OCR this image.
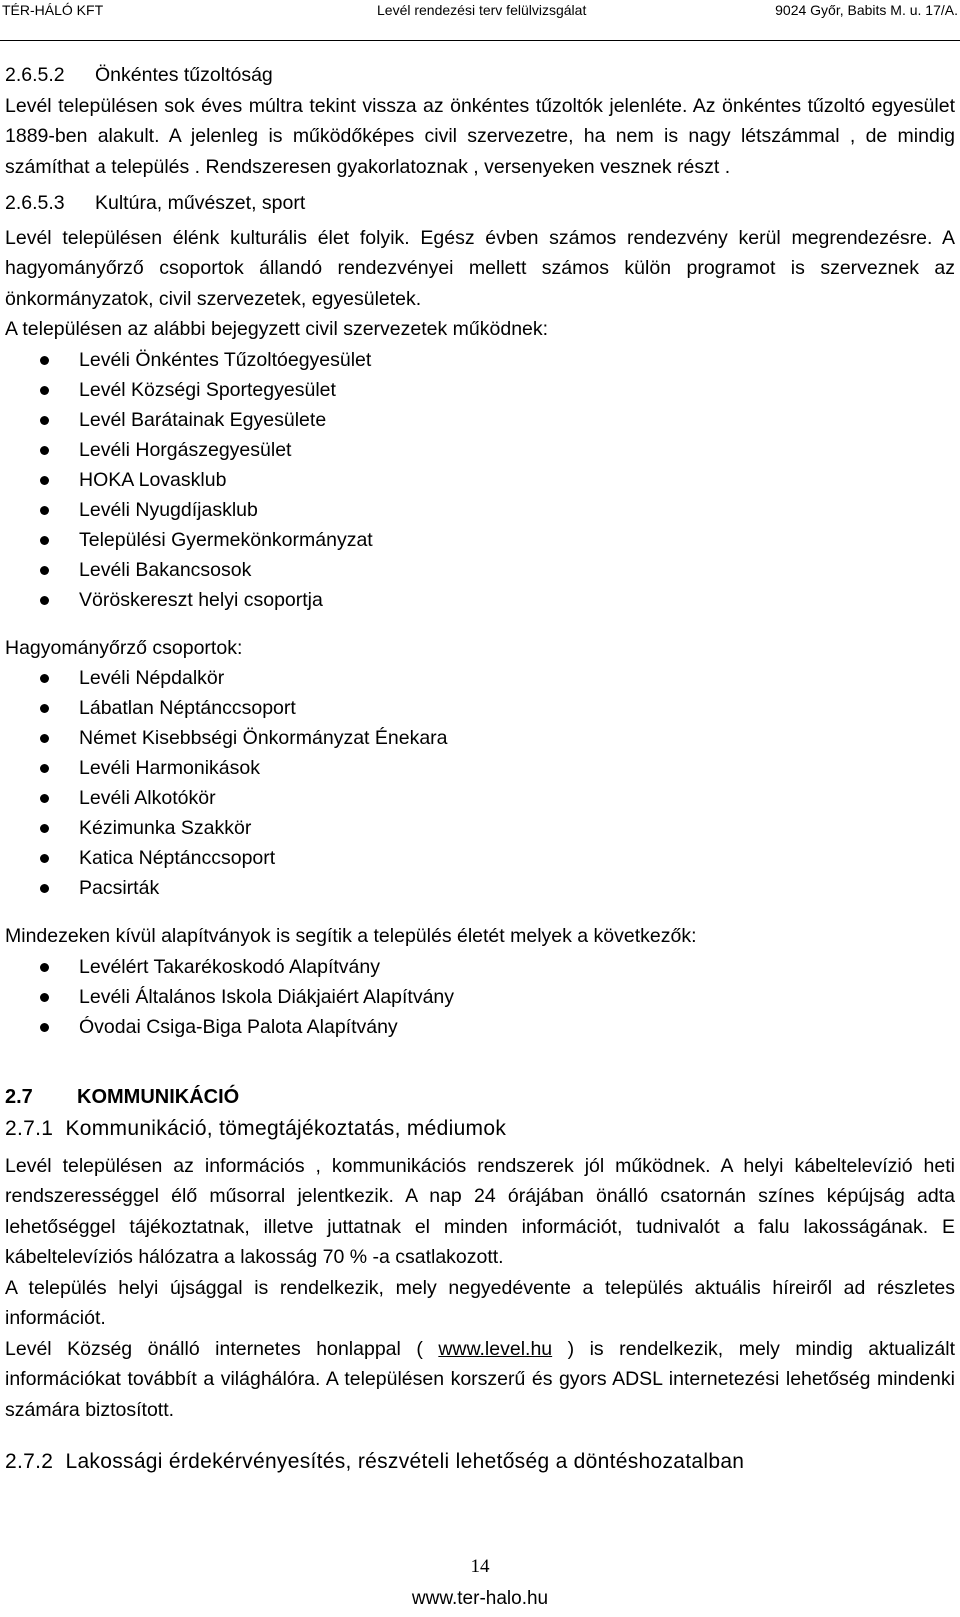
TÉR-HÁLÓ KFT	Levél rendezési terv felülvizsgálat	9024 Győr, Babits M. u. 17/A.
2.6.5.2	Önkéntes tűzoltóság

Levél településen sok éves múltra tekint vissza az önkéntes tűzoltók jelenléte. Az önkéntes tűzoltó egyesület 1889-ben alakult. A jelenleg is működőképes civil szervezetre, ha nem is nagy létszámmal , de mindig számíthat a település . Rendszeresen gyakorlatoznak , versenyeken vesznek részt .

2.6.5.3	Kultúra, művészet, sport

Levél településen élénk kulturális élet folyik. Egész évben számos rendezvény kerül megrendezésre. A hagyományőrző csoportok állandó rendezvényei mellett számos külön programot is szerveznek az önkormányzatok, civil szervezetek, egyesületek.

A településen az alábbi bejegyzett civil szervezetek működnek:

Levéli Önkéntes Tűzoltóegyesület
Levél Községi Sportegyesület
Levél Barátainak Egyesülete
Levéli Horgászegyesület
HOKA Lovasklub
Levéli Nyugdíjasklub
Települési Gyermekönkormányzat
Levéli Bakancsosok
Vöröskereszt helyi csoportja

Hagyományőrző csoportok:

Levéli Népdalkör
Lábatlan Néptánccsoport
Német Kisebbségi Önkormányzat Énekara
Levéli Harmonikások
Levéli Alkotókör
Kézimunka Szakkör
Katica Néptánccsoport
Pacsirták

Mindezeken kívül alapítványok is segítik a település életét melyek a következők:

Levélért Takarékoskodó Alapítvány
Levéli Általános Iskola Diákjaiért Alapítvány
Óvodai Csiga-Biga Palota Alapítvány
2.7	KOMMUNIKÁCIÓ

2.7.1  Kommunikáció, tömegtájékoztatás, médiumok

Levél településen az információs , kommunikációs rendszerek jól működnek. A helyi kábeltelevízió heti rendszerességgel élő műsorral jelentkezik. A nap 24 órájában önálló csatornán színes képújság adta lehetőséggel tájékoztatnak, illetve juttatnak el minden információt, tudnivalót a falu lakosságának. E kábeltelevíziós hálózatra a lakosság 70 % -a csatlakozott.

A település helyi újsággal is rendelkezik, mely negyedévente a település aktuális híreiről ad részletes információt.

Levél Község önálló internetes honlappal ( www.level.hu ) is rendelkezik, mely mindig aktualizált információkat továbbít a világhálóra. A településen korszerű és gyors ADSL internetezési lehetőség mindenki számára biztosított.

2.7.2  Lakossági érdekérvényesítés, részvételi lehetőség a döntéshozatalban

14
www.ter-halo.hu
